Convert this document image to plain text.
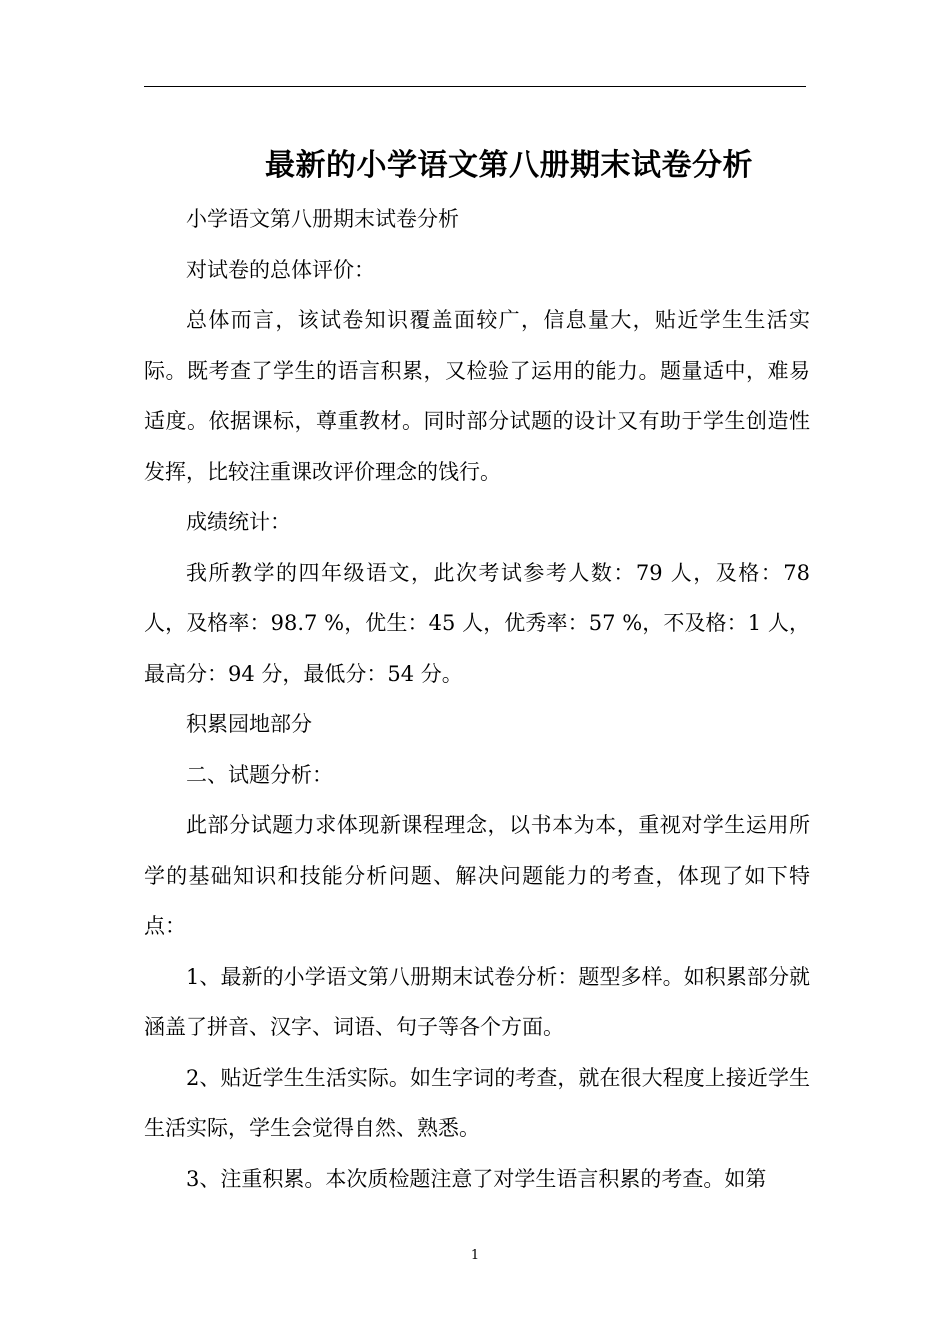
最新的小学语文第八册期末试卷分析

小学语文第八册期末试卷分析

对试卷的总体评价：

总体而言，该试卷知识覆盖面较广，信息量大，贴近学生生活实际。既考查了学生的语言积累，又检验了运用的能力。题量适中，难易适度。依据课标，尊重教材。同时部分试题的设计又有助于学生创造性发挥，比较注重课改评价理念的饯行。

成绩统计：

我所教学的四年级语文，此次考试参考人数：79 人，及格：78 人，及格率：98.7 %，优生：45 人，优秀率：57 %，不及格：1 人，最高分：94 分，最低分：54 分。

积累园地部分

二、试题分析：

此部分试题力求体现新课程理念，以书本为本，重视对学生运用所学的基础知识和技能分析问题、解决问题能力的考查，体现了如下特点：

1、最新的小学语文第八册期末试卷分析：题型多样。如积累部分就涵盖了拼音、汉字、词语、句子等各个方面。

2、贴近学生生活实际。如生字词的考查，就在很大程度上接近学生生活实际，学生会觉得自然、熟悉。

3、注重积累。本次质检题注意了对学生语言积累的考查。如第

1
